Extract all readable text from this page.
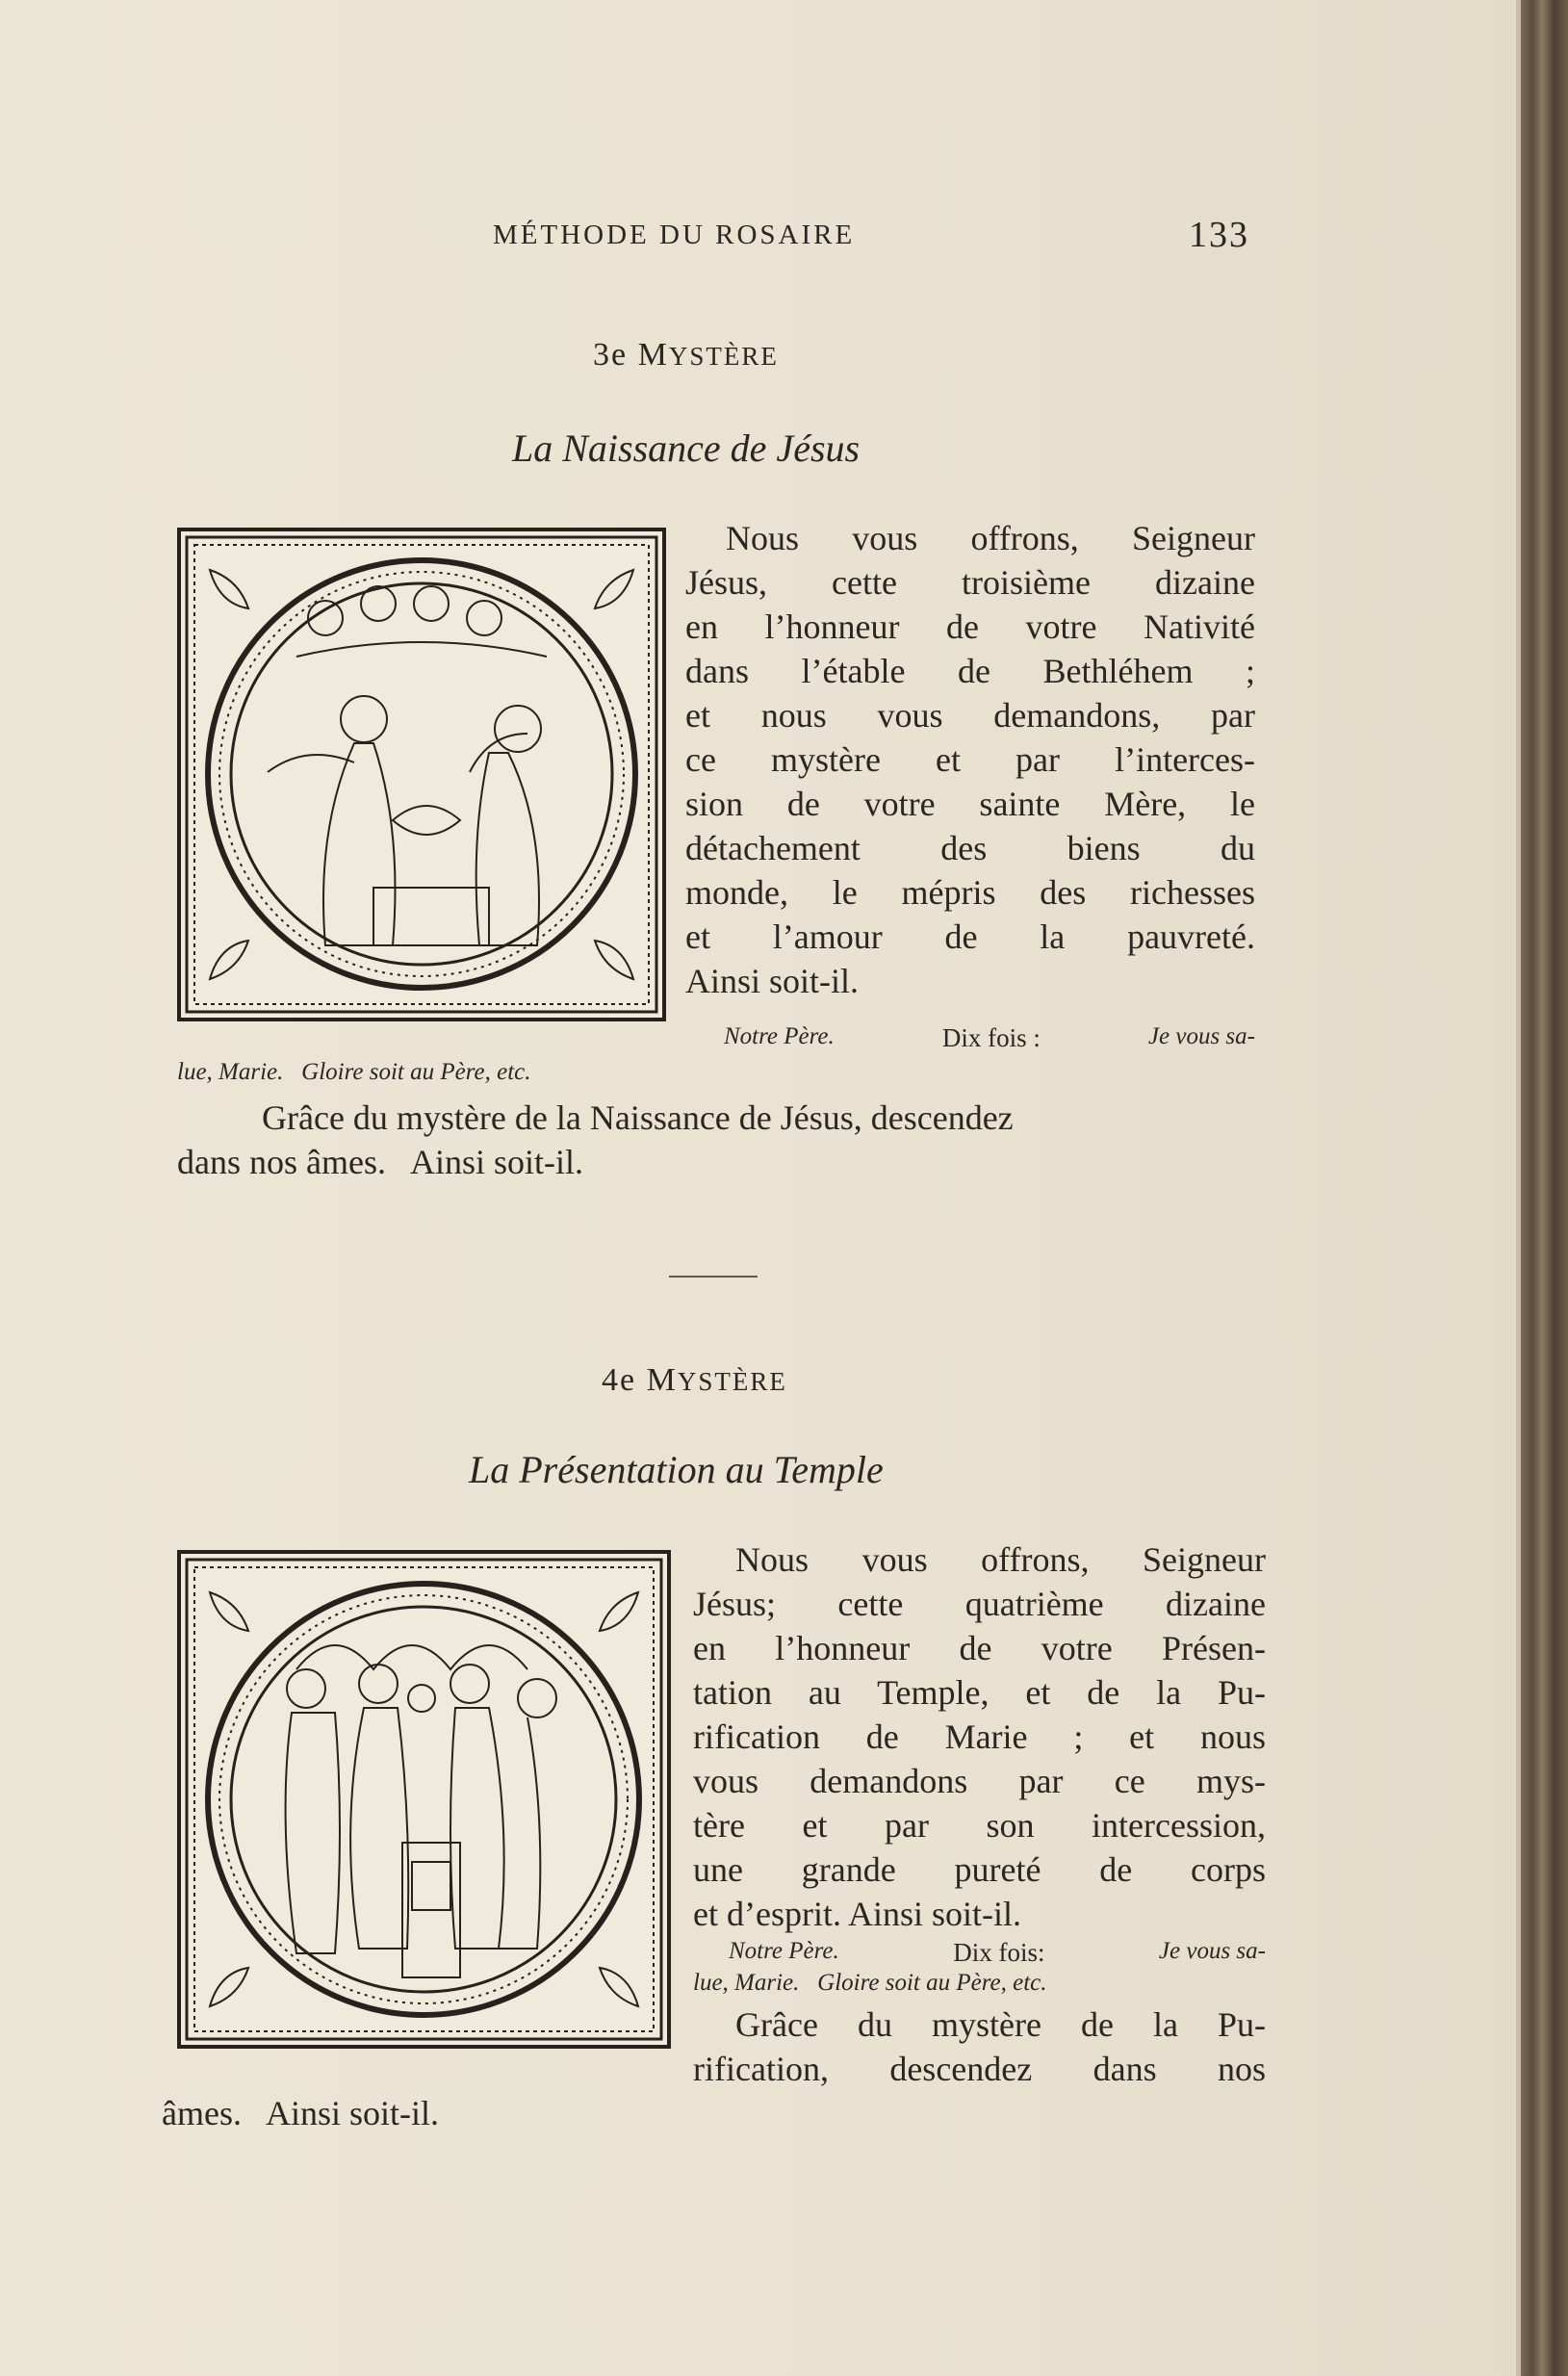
MÉTHODE DU ROSAIRE	133
3e MYSTÈRE
La Naissance de Jésus
Nous vous offrons, Seigneur
Jésus, cette troisième dizaine
en l’honneur de votre Nativité
dans l’étable de Bethléhem ;
et nous vous demandons, par
ce mystère et par l’interces-
sion de votre sainte Mère, le
détachement des biens du
monde, le mépris des richesses
et l’amour de la pauvreté.
Ainsi soit-il.
Notre Père.	Dix fois :	Je vous sa-
lue, Marie.   Gloire soit au Père, etc.
Grâce du mystère de la Naissance de Jésus, descendez
dans nos âmes.   Ainsi soit-il.
4e MYSTÈRE
La Présentation au Temple
Nous vous offrons, Seigneur
Jésus; cette quatrième dizaine
en l’honneur de votre Présen-
tation au Temple, et de la Pu-
rification de Marie ; et nous
vous demandons par ce mys-
tère et par son intercession,
une grande pureté de corps
et d’esprit. Ainsi soit-il.
Notre Père.	Dix fois:	Je vous sa-
lue, Marie.   Gloire soit au Père, etc.
Grâce du mystère de la Pu-
rification, descendez dans nos
âmes.   Ainsi soit-il.
